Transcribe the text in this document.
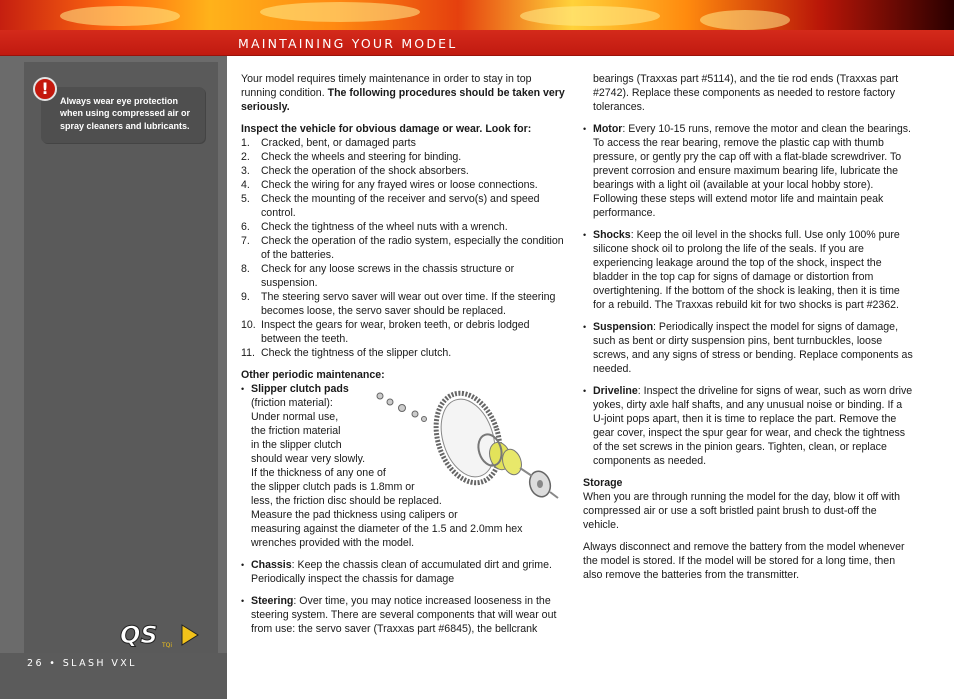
MAINTAINING YOUR MODEL
!
Always wear eye protection when using compressed air or spray cleaners and lubricants.
QS TQi
26 • SLASH VXL

Your model requires timely maintenance in order to stay in top running condition. The following procedures should be taken very seriously.

Inspect the vehicle for obvious damage or wear. Look for:

1.	Cracked, bent, or damaged parts
2.	Check the wheels and steering for binding.
3.	Check the operation of the shock absorbers.
4.	Check the wiring for any frayed wires or loose connections.
5.	Check the mounting of the receiver and servo(s) and speed control.
6.	Check the tightness of the wheel nuts with a wrench.
7.	Check the operation of the radio system, especially the condition of the batteries.
8.	Check for any loose screws in the chassis structure or suspension.
9.	The steering servo saver will wear out over time. If the steering becomes loose, the servo saver should be replaced.
10. Inspect the gears for wear, broken teeth, or debris lodged between the teeth.
11. Check the tightness of the slipper clutch.

Other periodic maintenance:

• Slipper clutch pads
(friction material):
Under normal use,
the friction material
in the slipper clutch
should wear very slowly.
If the thickness of any one of
the slipper clutch pads is 1.8mm or
less, the friction disc should be replaced.
Measure the pad thickness using calipers or
measuring against the diameter of the 1.5 and 2.0mm hex wrenches provided with the model.
• Chassis: Keep the chassis clean of accumulated dirt and grime. Periodically inspect the chassis for damage
• Steering: Over time, you may notice increased looseness in the steering system. There are several components that will wear out from use: the servo saver (Traxxas part #6845), the bellcrank
bearings (Traxxas part #5114), and the tie rod ends (Traxxas part #2742). Replace these components as needed to restore factory tolerances.
• Motor: Every 10-15 runs, remove the motor and clean the bearings. To access the rear bearing, remove the plastic cap with thumb pressure, or gently pry the cap off with a flat-blade screwdriver. To prevent corrosion and ensure maximum bearing life, lubricate the bearings with a light oil (available at your local hobby store). Following these steps will extend motor life and maintain peak performance.
• Shocks: Keep the oil level in the shocks full. Use only 100% pure silicone shock oil to prolong the life of the seals. If you are experiencing leakage around the top of the shock, inspect the bladder in the top cap for signs of damage or distortion from overtightening. If the bottom of the shock is leaking, then it is time for a rebuild. The Traxxas rebuild kit for two shocks is part #2362.
• Suspension: Periodically inspect the model for signs of damage, such as bent or dirty suspension pins, bent turnbuckles, loose screws, and any signs of stress or bending. Replace components as needed.
• Driveline: Inspect the driveline for signs of wear, such as worn drive yokes, dirty axle half shafts, and any unusual noise or binding. If a U-joint pops apart, then it is time to replace the part. Remove the gear cover, inspect the spur gear for wear, and check the tightness of the set screws in the pinion gears. Tighten, clean, or replace components as needed.

Storage

When you are through running the model for the day, blow it off with compressed air or use a soft bristled paint brush to dust-off the vehicle.

Always disconnect and remove the battery from the model whenever the model is stored. If the model will be stored for a long time, then also remove the batteries from the transmitter.
